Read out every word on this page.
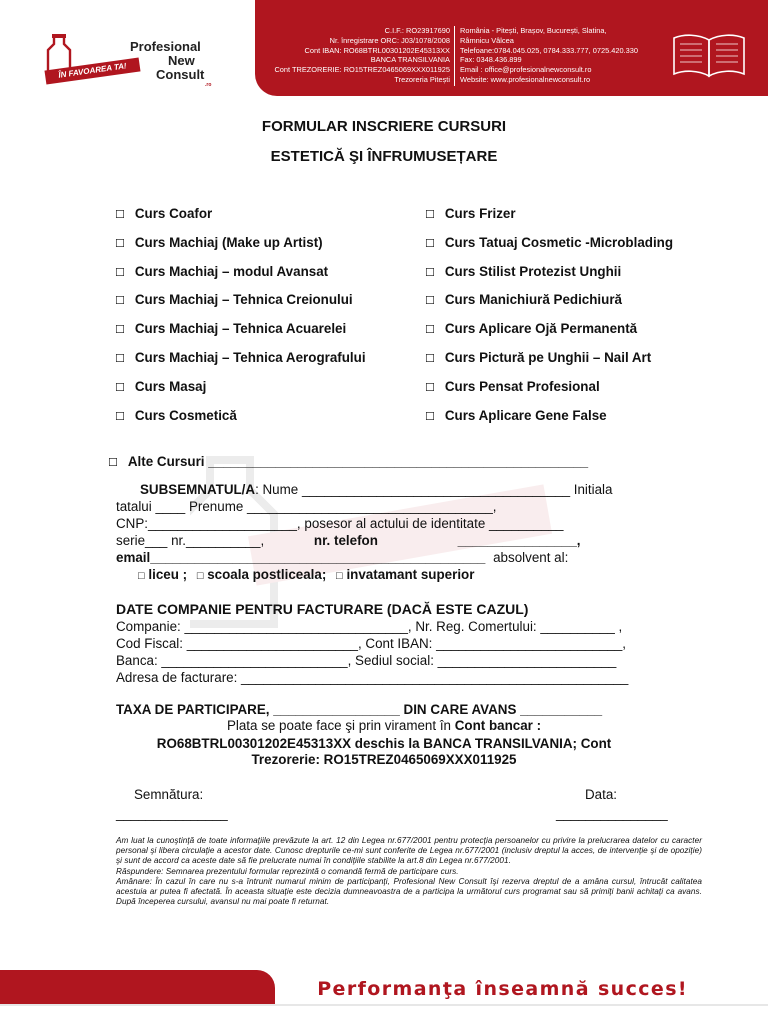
ÎN FAVOAREA TA!
Profesional
New
Consult
.ro
C.I.F.: RO23917690
Nr. înregistrare ORC: J03/1078/2008
Cont IBAN: RO68BTRL00301202E45313XX
BANCA TRANSILVANIA
Cont TREZORERIE: RO15TREZ0465069XXX011925
Trezoreria Pitești
România - Pitești, Brașov, București, Slatina,
Râmnicu Vâlcea
Telefoane:0784.045.025, 0784.333.777, 0725.420.330
Fax: 0348.436.899
Email : office@profesionalnewconsult.ro
Website: www.profesionalnewconsult.ro
FORMULAR INSCRIERE CURSURI
ESTETICĂ ŞI ÎNFRUMUSEȚARE
☐ Curs Coafor
☐ Curs Machiaj (Make up Artist)
☐ Curs Machiaj – modul Avansat
☐ Curs Machiaj – Tehnica Creionului
☐ Curs Machiaj – Tehnica Acuarelei
☐ Curs Machiaj – Tehnica Aerografului
☐ Curs Masaj
☐ Curs Cosmetică
☐ Curs Frizer
☐ Curs Tatuaj Cosmetic -Microblading
☐ Curs Stilist Protezist Unghii
☐ Curs Manichiură Pedichiură
☐ Curs Aplicare Ojă Permanentă
☐ Curs Pictură pe Unghii – Nail Art
☐ Curs Pensat Profesional
☐ Curs Aplicare Gene False
☐ Alte Cursuri ___________________________________________________
SUBSEMNATUL/A: Nume ____________________________________ Initiala
tatalui ____ Prenume _________________________________,
CNP:____________________, posesor al actului de identitate __________
serie___ nr.__________,	nr. telefon	________________,
email_____________________________________________ absolvent al:
□ liceu ; □ scoala postliceala; □ invatamant superior
DATE COMPANIE PENTRU FACTURARE (DACĂ ESTE CAZUL)
Companie: ______________________________, Nr. Reg. Comertului: __________ ,
Cod Fiscal: _______________________, Cont IBAN: _________________________,
Banca: _________________________, Sediul social: ________________________
Adresa de facturare: ____________________________________________________
TAXA DE PARTICIPARE, _________________ DIN CARE AVANS ___________
Plata se poate face şi prin virament în Cont bancar :
RO68BTRL00301202E45313XX deschis la BANCA TRANSILVANIA; Cont
Trezorerie: RO15TREZ0465069XXX011925
Semnătura:	Data:
_______________	_______________

Am luat la cunoştinţă de toate informaţiile prevăzute la art. 12 din Legea nr.677/2001 pentru protecţia persoanelor cu privire la prelucrarea datelor cu caracter personal şi libera circulaţie a acestor date. Cunosc drepturile ce-mi sunt conferite de Legea nr.677/2001 (inclusiv dreptul la acces, de intervenţie şi de opoziţie) şi sunt de accord ca aceste date să fie prelucrate numai în condiţiile stabilite la art.8 din Legea nr.677/2001.

Răspundere: Semnarea prezentului formular reprezintă o comandă fermă de participare curs.

Amânare: În cazul în care nu s-a întrunit numarul minim de participanţi, Profesional New Consult îşi rezerva dreptul de a amâna cursul, întrucât calitatea acestuia ar putea fi afectată. În aceasta situaţie este decizia dumneavoastra de a participa la următorul curs programat sau să primiţi banii achitaţi ca avans. După începerea cursului, avansul nu mai poate fi returnat.

Performanţa înseamnă succes!
